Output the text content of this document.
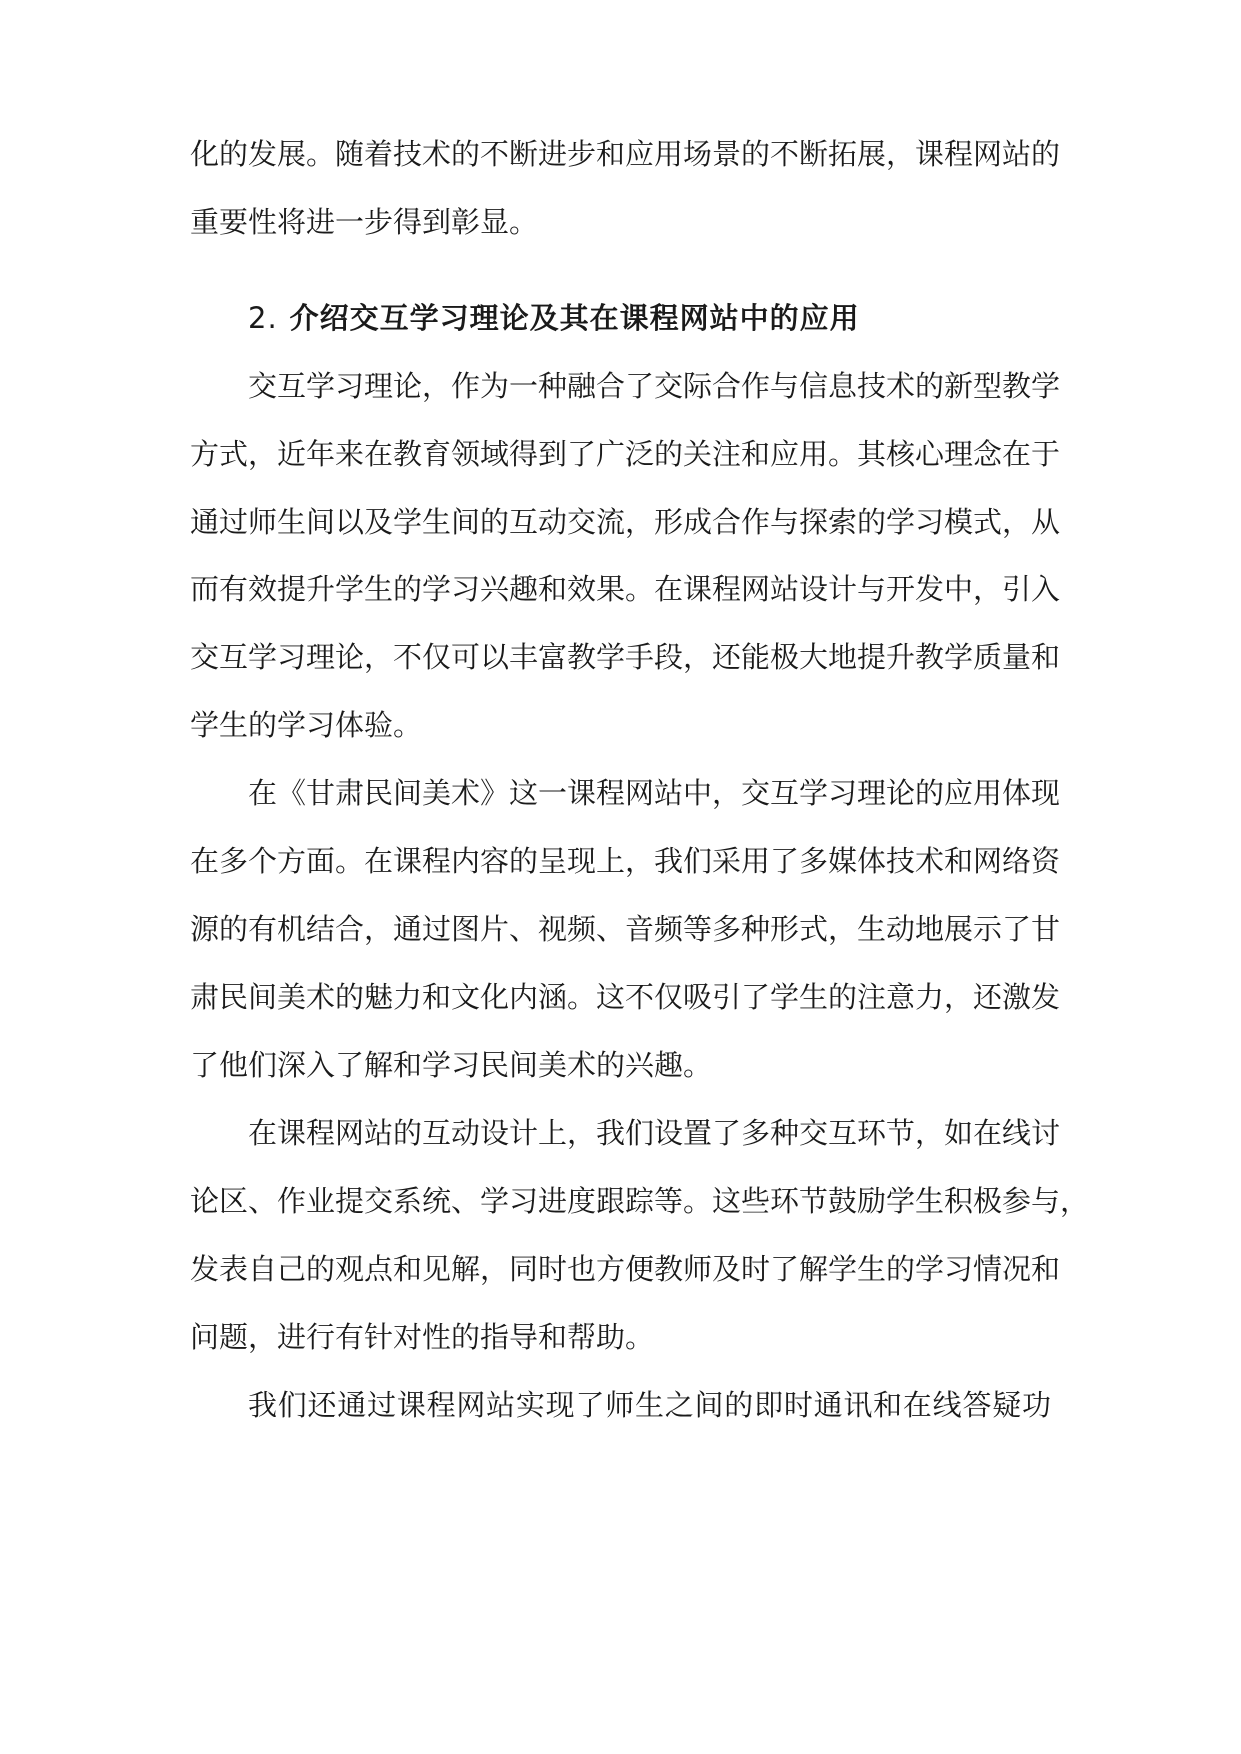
化的发展。随着技术的不断进步和应用场景的不断拓展，课程网站的
重要性将进一步得到彰显。
2. 介绍交互学习理论及其在课程网站中的应用
交互学习理论，作为一种融合了交际合作与信息技术的新型教学
方式，近年来在教育领域得到了广泛的关注和应用。其核心理念在于
通过师生间以及学生间的互动交流，形成合作与探索的学习模式，从
而有效提升学生的学习兴趣和效果。在课程网站设计与开发中，引入
交互学习理论，不仅可以丰富教学手段，还能极大地提升教学质量和
学生的学习体验。
在《甘肃民间美术》这一课程网站中，交互学习理论的应用体现
在多个方面。在课程内容的呈现上，我们采用了多媒体技术和网络资
源的有机结合，通过图片、视频、音频等多种形式，生动地展示了甘
肃民间美术的魅力和文化内涵。这不仅吸引了学生的注意力，还激发
了他们深入了解和学习民间美术的兴趣。
在课程网站的互动设计上，我们设置了多种交互环节，如在线讨
论区、作业提交系统、学习进度跟踪等。这些环节鼓励学生积极参与，
发表自己的观点和见解，同时也方便教师及时了解学生的学习情况和
问题，进行有针对性的指导和帮助。
我们还通过课程网站实现了师生之间的即时通讯和在线答疑功
